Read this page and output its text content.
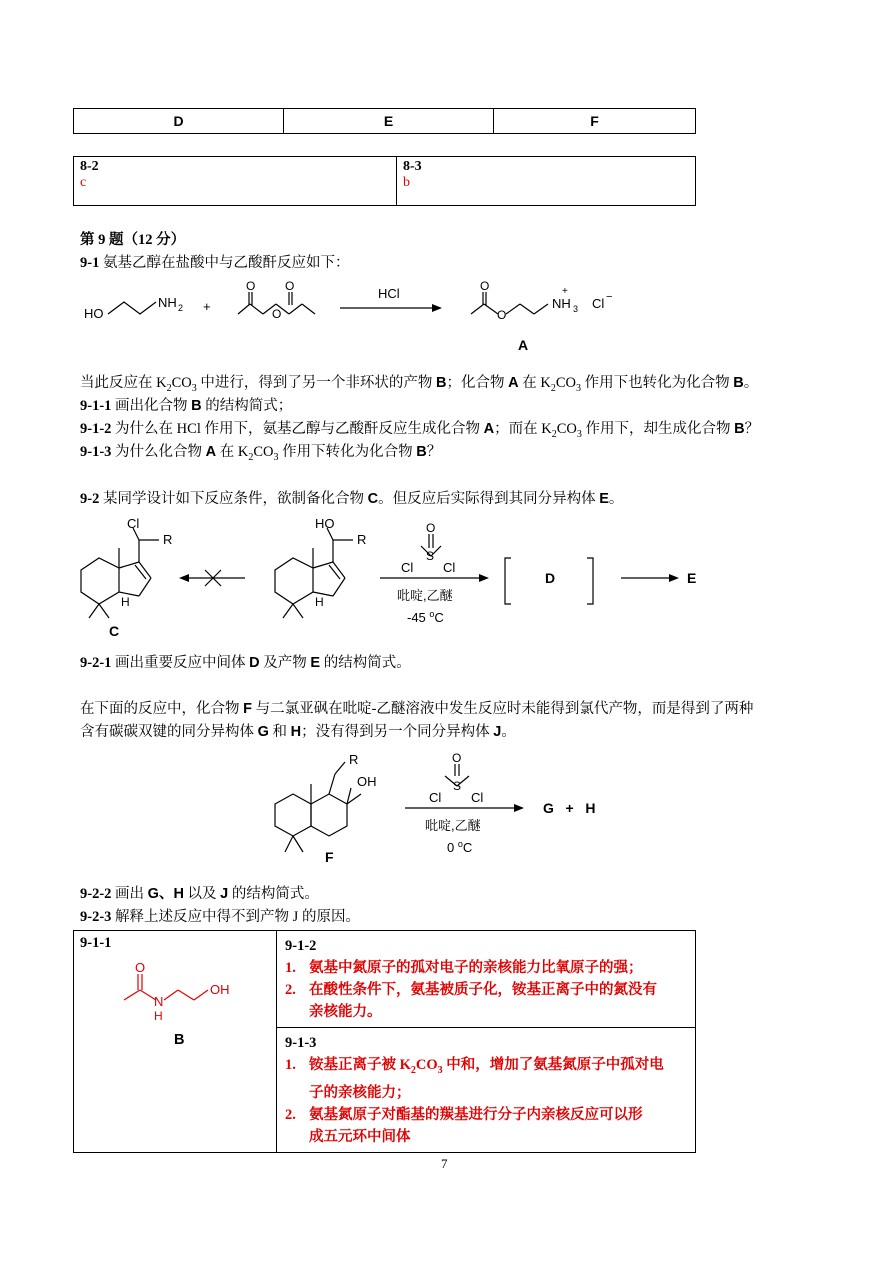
D	E	F
8-2
c

8-3
b
第 9 题（12 分）
9-1 氨基乙醇在盐酸中与乙酸酐反应如下：
HO
NH 2 +
O O
O
HCl	O
O
NH 3
+
Cl −
A
当此反应在 $K_2CO_3$ 中进行，得到了另一个非环状的产物 B；化合物 A 在 $K_2CO_3$ 作用下也转化为化合物 B。
9-1-1 画出化合物 B 的结构简式；
9-1-2 为什么在 HCl 作用下，氨基乙醇与乙酸酐反应生成化合物 A；而在 $K_2CO_3$ 作用下，却生成化合物 B？
9-1-3 为什么化合物 A 在 $K_2CO_3$ 作用下转化为化合物 B？
9-2 某同学设计如下反应条件，欲制备化合物 C。但反应后实际得到其同分异构体 E。
Cl
R
H
C
HO
R
H
O
S
Cl Cl
吡啶,乙醚
-45 $^o$C
D	E
9-2-1 画出重要反应中间体 D 及产物 E 的结构简式。
在下面的反应中，化合物 F 与二氯亚砜在吡啶-乙醚溶液中发生反应时未能得到氯代产物，而是得到了两种
含有碳碳双键的同分异构体 G 和 H；没有得到另一个同分异构体 J。
R
OH
F
O
S
Cl Cl
吡啶,乙醚
0 $^o$C
G   +   H
9-2-2 画出 G、H 以及 J 的结构简式。
9-2-3 解释上述反应中得不到产物 J 的原因。
9-1-1
O
N
H
OH
B

9-1-2
1. 氨基中氮原子的孤对电子的亲核能力比氧原子的强；
2. 在酸性条件下，氨基被质子化，铵基正离子中的氮没有
亲核能力。

9-1-3
1. 铵基正离子被 $K_2CO_3$ 中和，增加了氨基氮原子中孤对电
子的亲核能力；
2. 氨基氮原子对酯基的羰基进行分子内亲核反应可以形
成五元环中间体
7
